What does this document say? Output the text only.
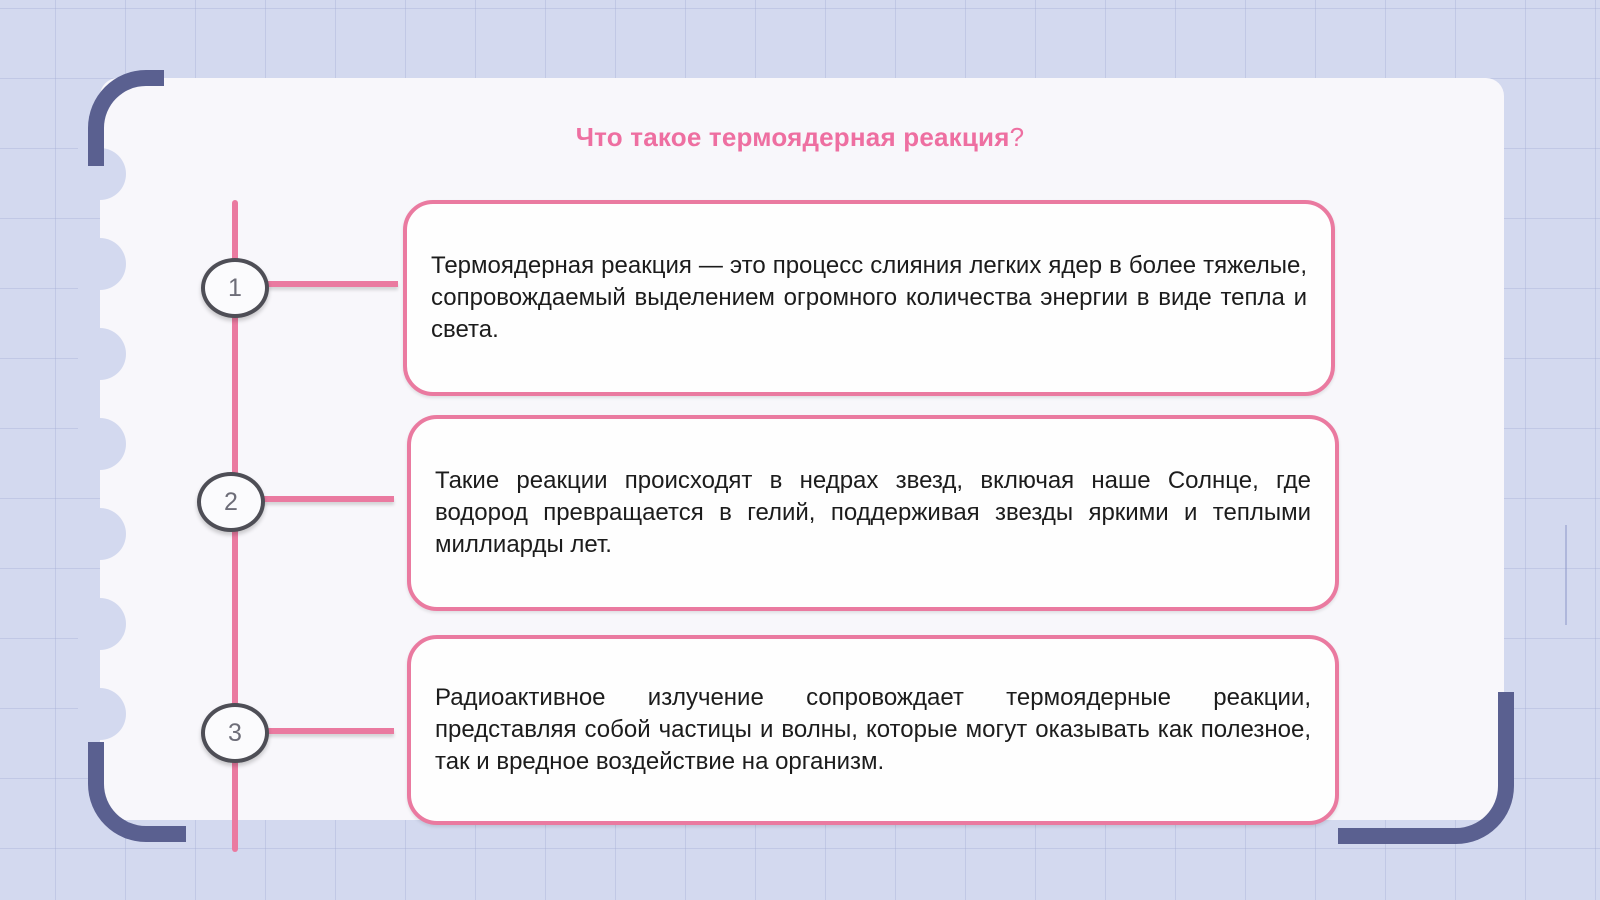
Что такое термоядерная реакция?
1
Термоядерная реакция — это процесс слияния легких ядер в более тяжелые, сопровождаемый выделением огромного количества энергии в виде тепла и света.
2
Такие реакции происходят в недрах звезд, включая наше Солнце, где водород превращается в гелий, поддерживая звезды яркими и теплыми миллиарды лет.
3
Радиоактивное излучение сопровождает термоядерные реакции, представляя собой частицы и волны, которые могут оказывать как полезное, так и вредное воздействие на организм.
